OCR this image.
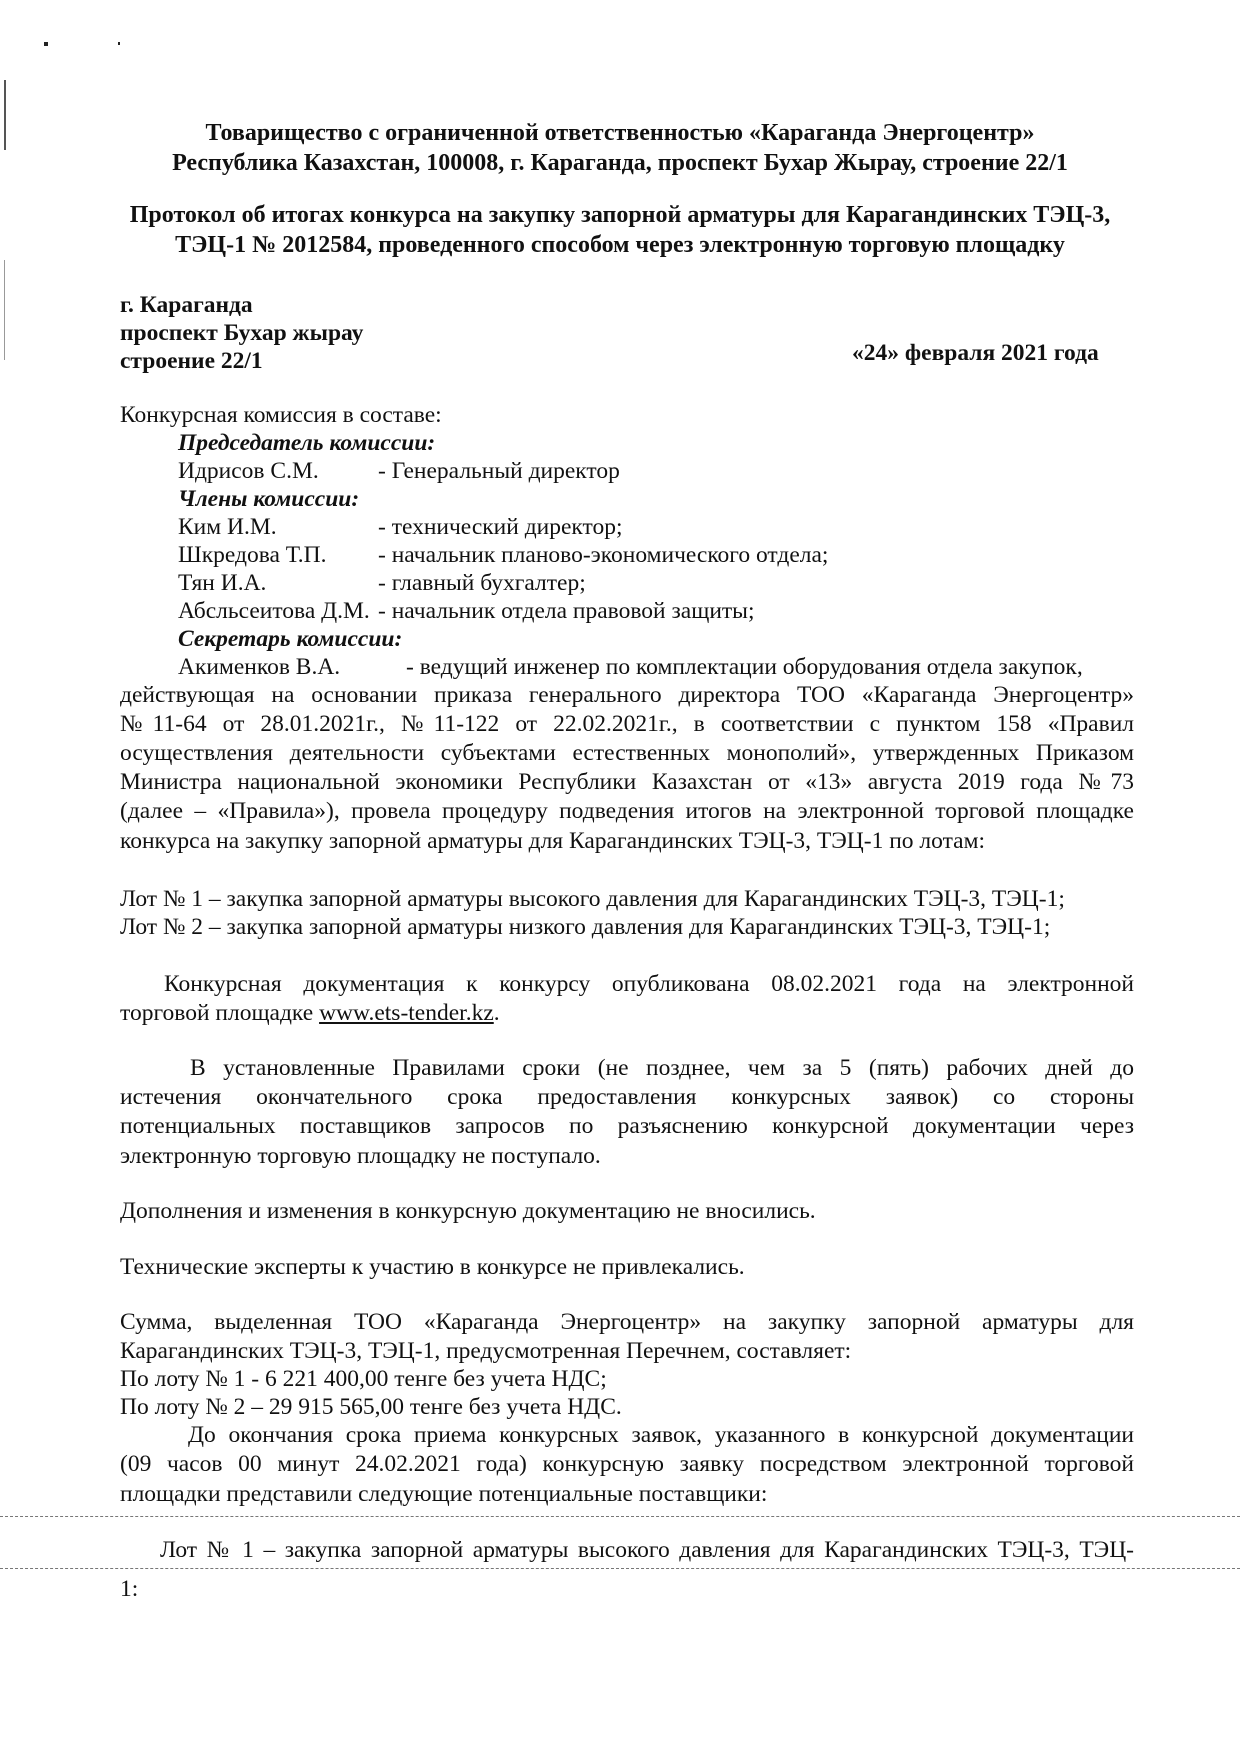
Товарищество с ограниченной ответственностью «Караганда Энергоцентр»
Республика Казахстан, 100008, г. Караганда, проспект Бухар Жырау, строение 22/1
Протокол об итогах конкурса на закупку запорной арматуры для Карагандинских ТЭЦ-3,
ТЭЦ-1 № 2012584, проведенного способом через электронную торговую площадку
г. Караганда
проспект Бухар жырау
строение 22/1	«24» февраля 2021 года
Конкурсная комиссия в составе:
Председатель комиссии:
Идрисов С.М.	- Генеральный директор
Члены комиссии:
Ким И.М.	- технический директор;
Шкредова Т.П. - начальник планово-экономического отдела;
Тян И.А.	- главный бухгалтер;
Абсльсеитова Д.М. - начальник отдела правовой защиты;
Секретарь комиссии:
Акименков В.А.	- ведущий инженер по комплектации оборудования отдела закупок,
действующая на основании приказа генерального директора ТОО «Караганда Энергоцентр»
№11-64 от 28.01.2021г., №11-122 от 22.02.2021г., в соответствии с пунктом 158 «Правил
осуществления деятельности субъектами естественных монополий», утвержденных Приказом
Министра национальной экономики Республики Казахстан от «13» августа 2019 года №73
(далее – «Правила»), провела процедуру подведения итогов на электронной торговой площадке
конкурса на закупку запорной арматуры для Карагандинских ТЭЦ-3, ТЭЦ-1 по лотам:
Лот № 1 – закупка запорной арматуры высокого давления для Карагандинских ТЭЦ-3, ТЭЦ-1;
Лот № 2 – закупка запорной арматуры низкого давления для Карагандинских ТЭЦ-3, ТЭЦ-1;
Конкурсная документация к конкурсу опубликована 08.02.2021 года на электронной
торговой площадке www.ets-tender.kz.
В установленные Правилами сроки (не позднее, чем за 5 (пять) рабочих дней до
истечения окончательного срока предоставления конкурсных заявок) со стороны
потенциальных поставщиков запросов по разъяснению конкурсной документации через
электронную торговую площадку не поступало.
Дополнения и изменения в конкурсную документацию не вносились.
Технические эксперты к участию в конкурсе не привлекались.
Сумма, выделенная ТОО «Караганда Энергоцентр» на закупку запорной арматуры для
Карагандинских ТЭЦ-3, ТЭЦ-1, предусмотренная Перечнем, составляет:
По лоту № 1 - 6 221 400,00 тенге без учета НДС;
По лоту № 2 – 29 915 565,00 тенге без учета НДС.
До окончания срока приема конкурсных заявок, указанного в конкурсной документации
(09 часов 00 минут 24.02.2021 года) конкурсную заявку посредством электронной торговой
площадки представили следующие потенциальные поставщики:
Лот № 1 – закупка запорной арматуры высокого давления для Карагандинских ТЭЦ-3, ТЭЦ-
1:
